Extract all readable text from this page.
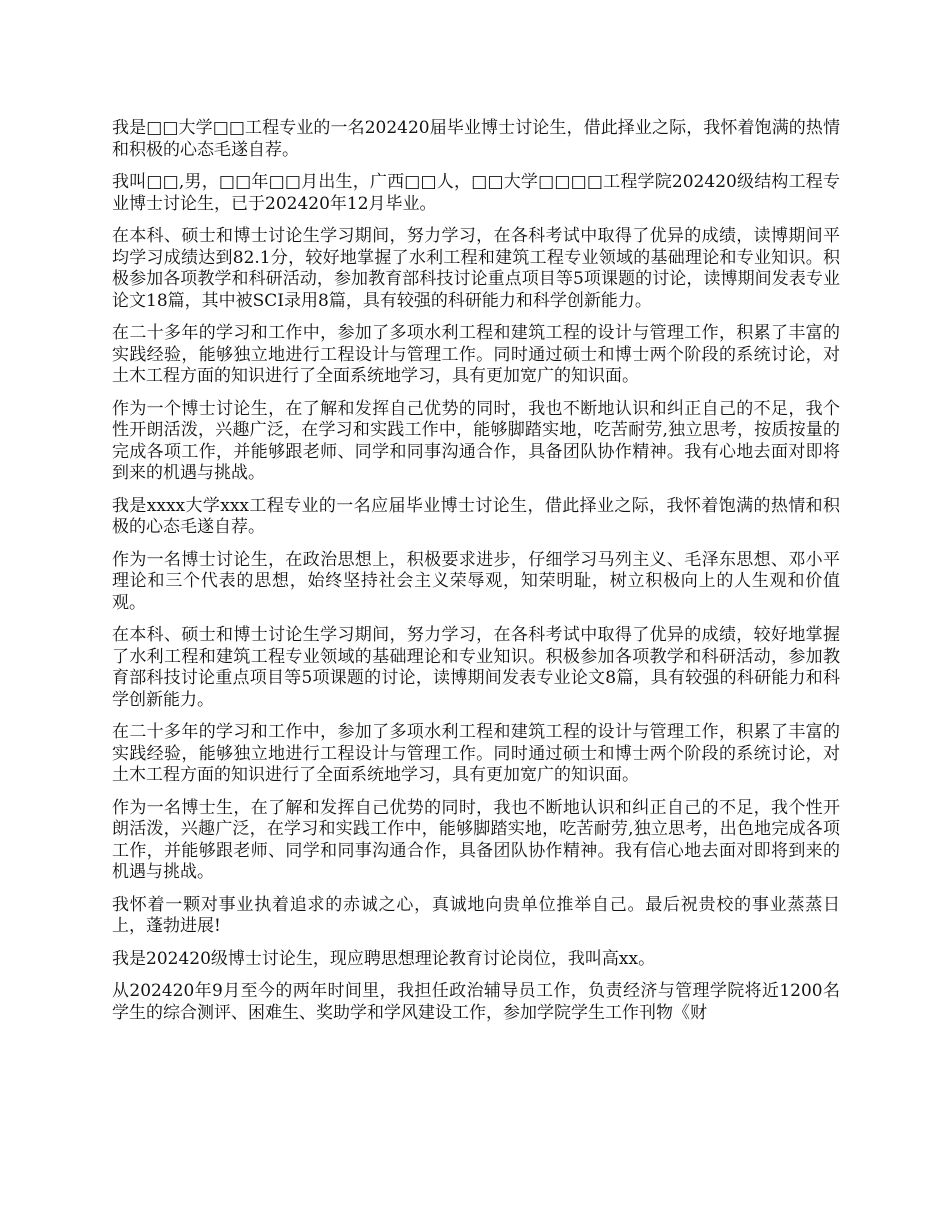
我是□□大学□□工程专业的一名202420届毕业博士讨论生，借此择业之际，我怀着饱满的热情和积极的心态毛遂自荐。

我叫□□,男，□□年□□月出生，广西□□人，□□大学□□□□工程学院202420级结构工程专业博士讨论生，已于202420年12月毕业。

在本科、硕士和博士讨论生学习期间，努力学习，在各科考试中取得了优异的成绩，读博期间平均学习成绩达到82.1分，较好地掌握了水利工程和建筑工程专业领域的基础理论和专业知识。积极参加各项教学和科研活动，参加教育部科技讨论重点项目等5项课题的讨论，读博期间发表专业论文18篇，其中被SCI录用8篇，具有较强的科研能力和科学创新能力。

在二十多年的学习和工作中，参加了多项水利工程和建筑工程的设计与管理工作，积累了丰富的实践经验，能够独立地进行工程设计与管理工作。同时通过硕士和博士两个阶段的系统讨论，对土木工程方面的知识进行了全面系统地学习，具有更加宽广的知识面。

作为一个博士讨论生，在了解和发挥自己优势的同时，我也不断地认识和纠正自己的不足，我个性开朗活泼，兴趣广泛，在学习和实践工作中，能够脚踏实地，吃苦耐劳,独立思考，按质按量的完成各项工作，并能够跟老师、同学和同事沟通合作，具备团队协作精神。我有心地去面对即将到来的机遇与挑战。

我是xxxx大学xxx工程专业的一名应届毕业博士讨论生，借此择业之际，我怀着饱满的热情和积极的心态毛遂自荐。

作为一名博士讨论生，在政治思想上，积极要求进步，仔细学习马列主义、毛泽东思想、邓小平理论和三个代表的思想，始终坚持社会主义荣辱观，知荣明耻，树立积极向上的人生观和价值观。

在本科、硕士和博士讨论生学习期间，努力学习，在各科考试中取得了优异的成绩，较好地掌握了水利工程和建筑工程专业领域的基础理论和专业知识。积极参加各项教学和科研活动，参加教育部科技讨论重点项目等5项课题的讨论，读博期间发表专业论文8篇，具有较强的科研能力和科学创新能力。

在二十多年的学习和工作中，参加了多项水利工程和建筑工程的设计与管理工作，积累了丰富的实践经验，能够独立地进行工程设计与管理工作。同时通过硕士和博士两个阶段的系统讨论，对土木工程方面的知识进行了全面系统地学习，具有更加宽广的知识面。

作为一名博士生，在了解和发挥自己优势的同时，我也不断地认识和纠正自己的不足，我个性开朗活泼，兴趣广泛，在学习和实践工作中，能够脚踏实地，吃苦耐劳,独立思考，出色地完成各项工作，并能够跟老师、同学和同事沟通合作，具备团队协作精神。我有信心地去面对即将到来的机遇与挑战。

我怀着一颗对事业执着追求的赤诚之心，真诚地向贵单位推举自己。最后祝贵校的事业蒸蒸日上，蓬勃进展!

我是202420级博士讨论生，现应聘思想理论教育讨论岗位，我叫高xx。

从202420年9月至今的两年时间里，我担任政治辅导员工作，负责经济与管理学院将近1200名学生的综合测评、困难生、奖助学和学风建设工作，参加学院学生工作刊物《财
